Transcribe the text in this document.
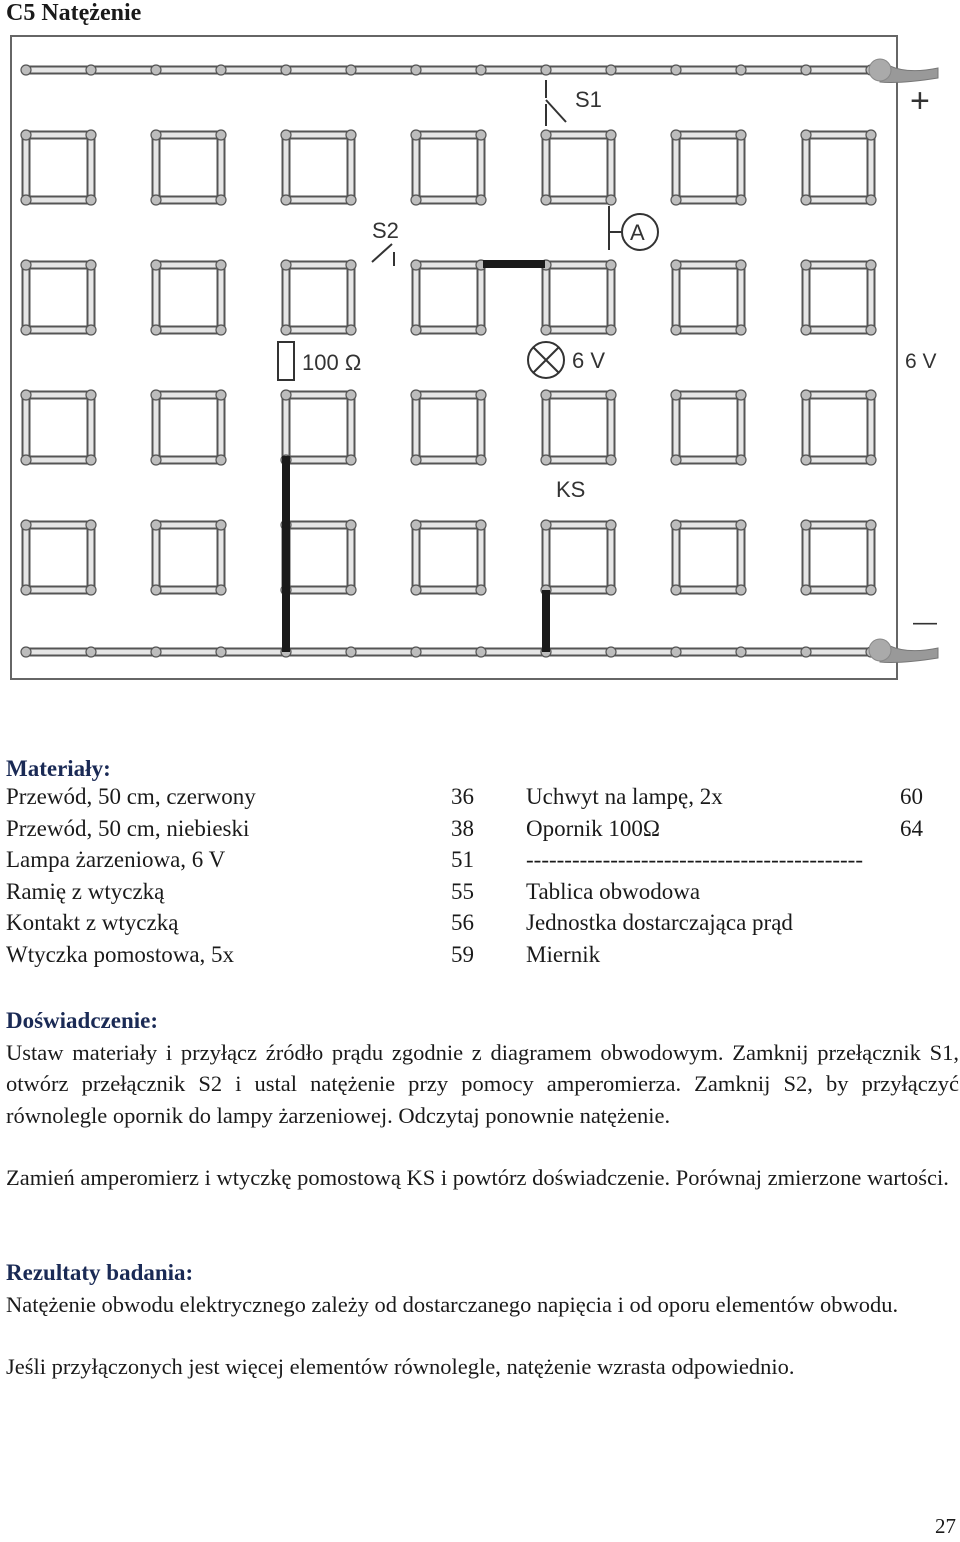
C5 Natężenie
S1
S2	A
100 Ω	6 V
KS
+
—
6 V
Materiały:
Przewód, 50 cm, czerwony	36
Przewód, 50 cm, niebieski	38
Lampa żarzeniowa, 6 V	51
Ramię z wtyczką	55
Kontakt z wtyczką	56
Wtyczka pomostowa, 5x	59
Uchwyt na lampę, 2x	60
Opornik 100Ω	64
--------------------------------------------
Tablica obwodowa
Jednostka dostarczająca prąd
Miernik
Doświadczenie:
Ustaw materiały i przyłącz źródło prądu zgodnie z diagramem obwodowym. Zamknij przełącznik S1, otwórz przełącznik S2 i ustal natężenie przy pomocy amperomierza. Zamknij S2, by przyłączyć równolegle opornik do lampy żarzeniowej. Odczytaj ponownie natężenie.
Zamień amperomierz i wtyczkę pomostową KS i powtórz doświadczenie. Porównaj zmierzone wartości.
Rezultaty badania:
Natężenie obwodu elektrycznego zależy od dostarczanego napięcia i od oporu elementów obwodu.
Jeśli przyłączonych jest więcej elementów równolegle, natężenie wzrasta odpowiednio.
27
